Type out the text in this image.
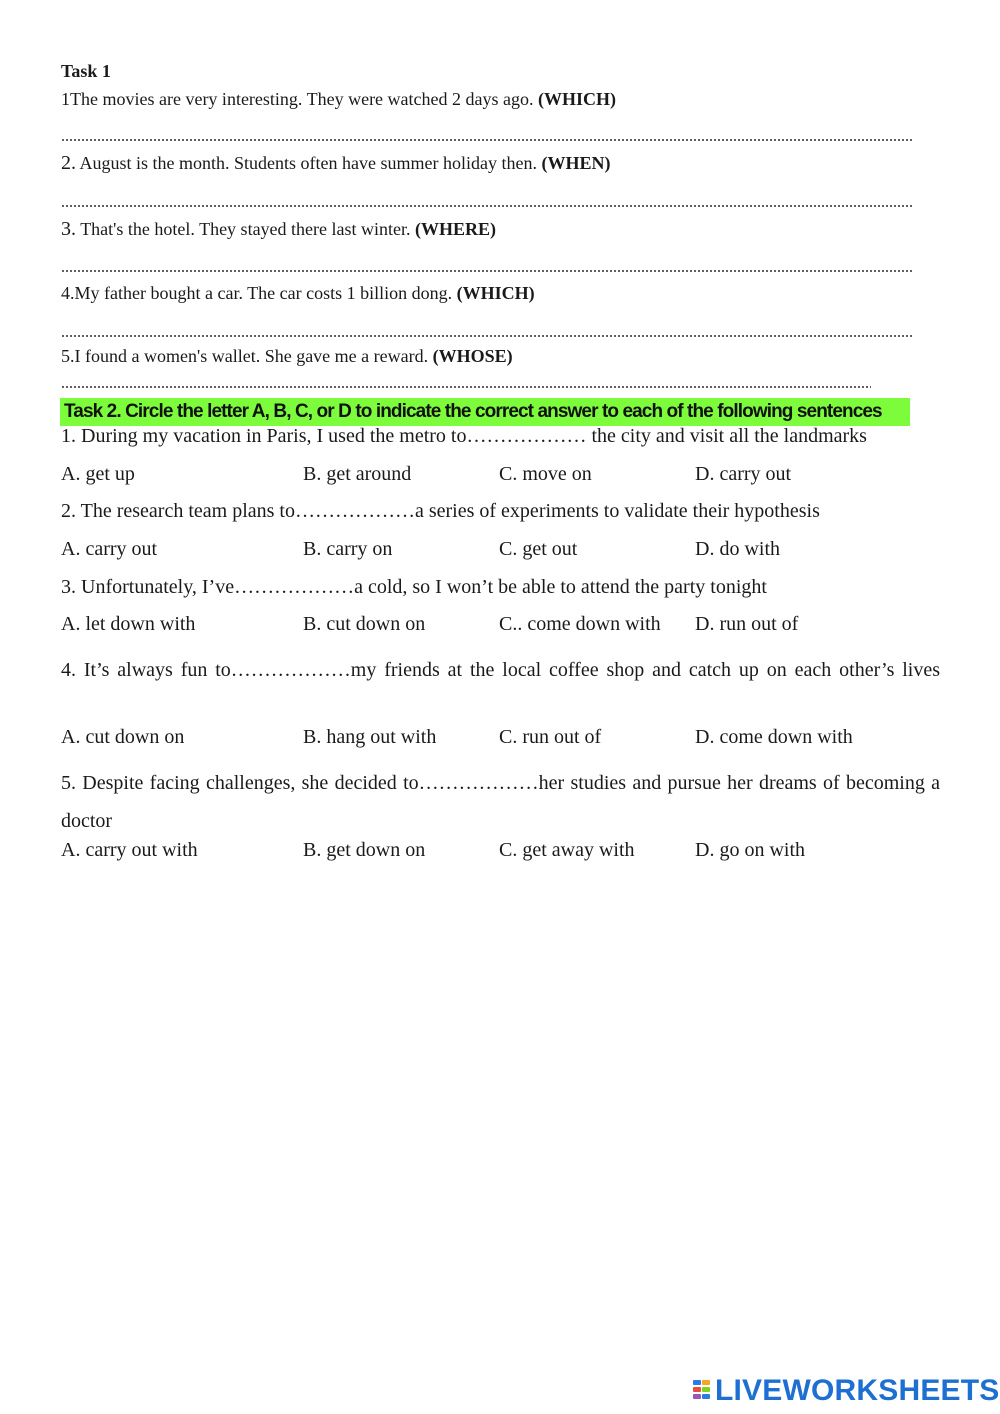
Task 1
1The movies are very interesting. They were watched 2 days ago. (WHICH)
2. August is the month. Students often have summer holiday then. (WHEN)
3. That's the hotel. They stayed there last winter. (WHERE)
4.My father bought a car. The car costs 1 billion dong. (WHICH)
5.I found a women's wallet. She gave me a reward. (WHOSE)
Task 2. Circle the letter A, B, C, or D to indicate the correct answer to each of the following sentences
1. During my vacation in Paris, I used the metro to……………… the city and visit all the landmarks
A. get up	B. get around	C. move on	D. carry out
2. The research team plans to………………a series of experiments to validate their hypothesis
A. carry out	B. carry on	C. get out	D. do with
3. Unfortunately, I’ve………………a cold, so I won’t be able to attend the party tonight
A. let down with	B. cut down on	C.. come down with D. run out of
4. It’s always fun to………………my friends at the local coffee shop and catch up on each other’s lives
A. cut down on	B. hang out with	C. run out of	D. come down with
5. Despite facing challenges, she decided to………………her studies and pursue her dreams of becoming a doctor
A. carry out with	B. get down on	C. get away with	D. go on with
LIVEWORKSHEETS
